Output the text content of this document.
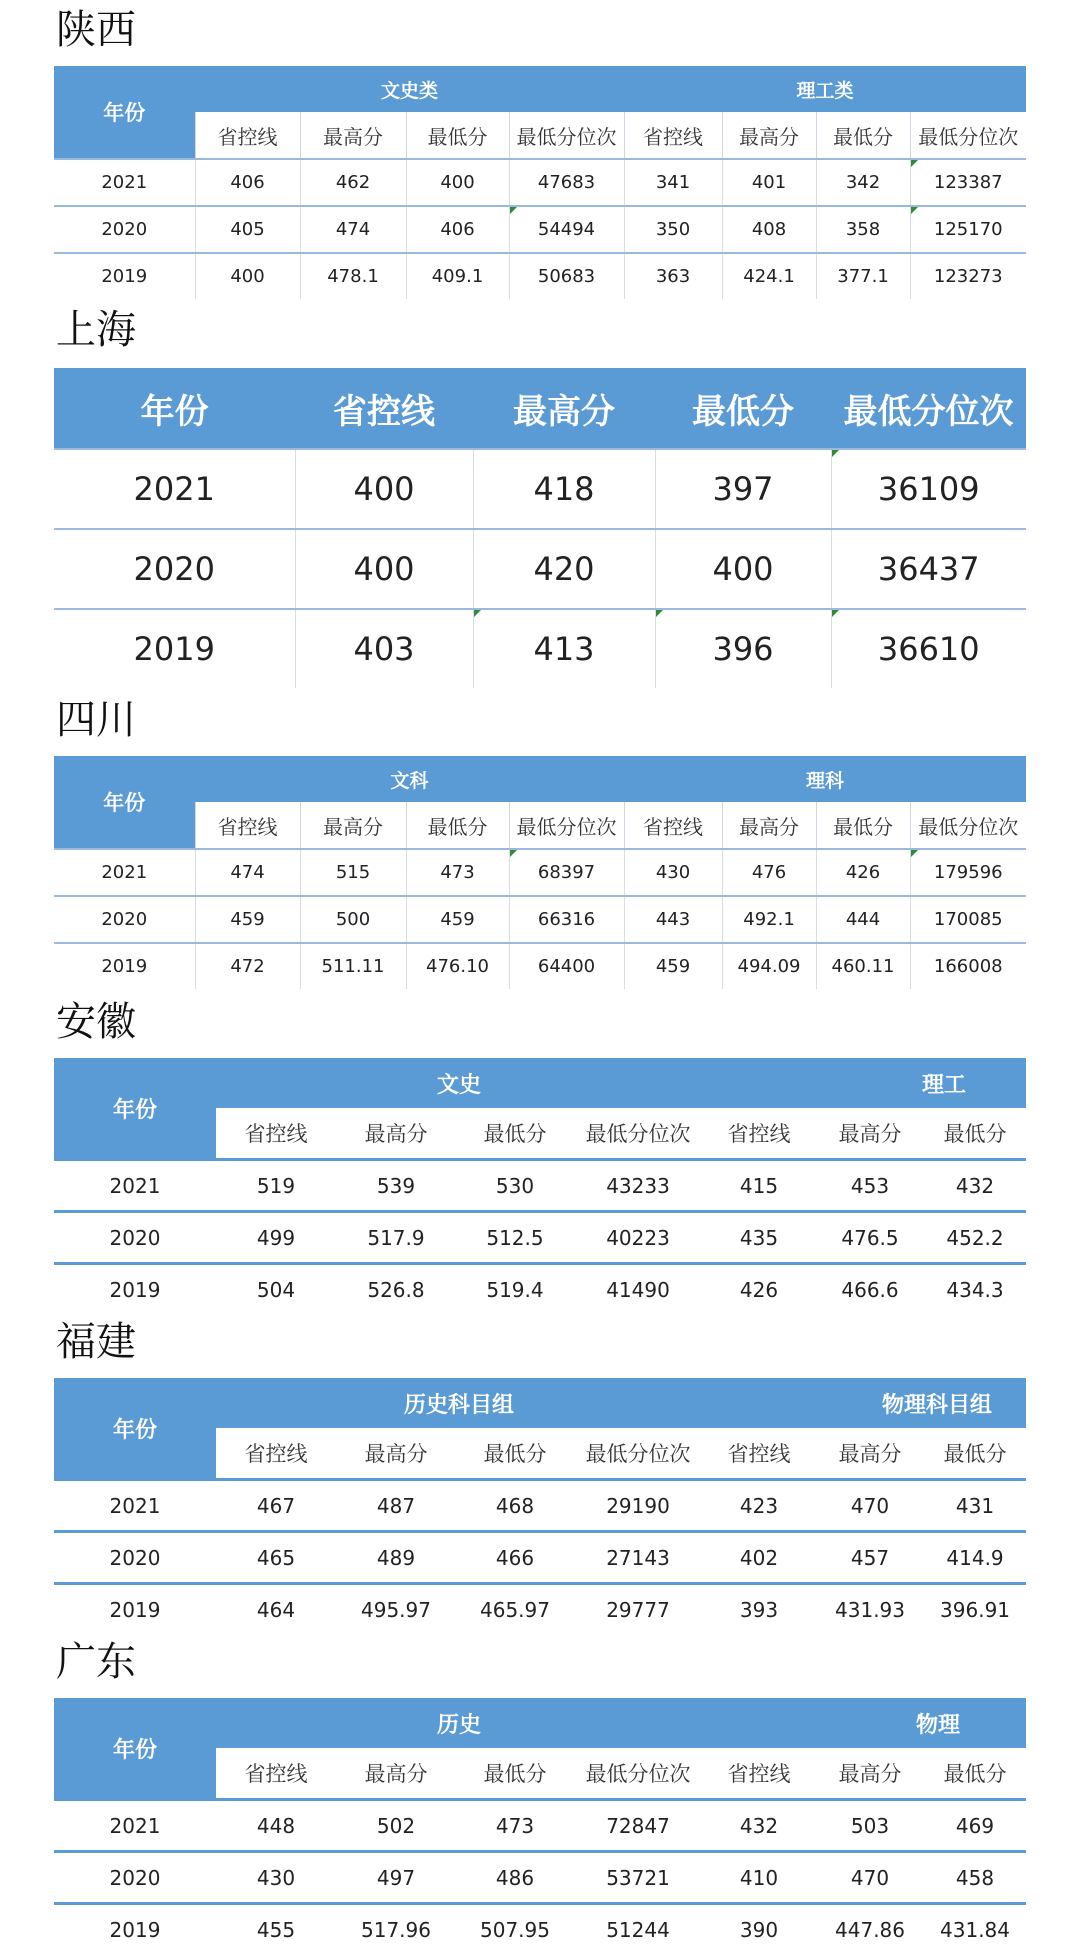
陕西
年份	文史类				理工类			
	省控线	最高分	最低分	最低分位次	省控线	最高分	最低分	最低分位次
2021	406	462	400	47683	341	401	342	123387
2020	405	474	406	54494	350	408	358	125170
2019	400	478.1	409.1	50683	363	424.1	377.1	123273
上海
年份	省控线	最高分	最低分	最低分位次
2021	400	418	397	36109
2020	400	420	400	36437
2019	403	413	396	36610
四川
年份	文科				理科			
	省控线	最高分	最低分	最低分位次	省控线	最高分	最低分	最低分位次
2021	474	515	473	68397	430	476	426	179596
2020	459	500	459	66316	443	492.1	444	170085
2019	472	511.11	476.10	64400	459	494.09	460.11	166008
安徽
年份	文史				理工		
	省控线	最高分	最低分	最低分位次	省控线	最高分	最低分
2021	519	539	530	43233	415	453	432
2020	499	517.9	512.5	40223	435	476.5	452.2
2019	504	526.8	519.4	41490	426	466.6	434.3
福建
年份	历史科目组				物理科目组		
	省控线	最高分	最低分	最低分位次	省控线	最高分	最低分
2021	467	487	468	29190	423	470	431
2020	465	489	466	27143	402	457	414.9
2019	464	495.97	465.97	29777	393	431.93	396.91
广东
年份	历史				物理		
	省控线	最高分	最低分	最低分位次	省控线	最高分	最低分
2021	448	502	473	72847	432	503	469
2020	430	497	486	53721	410	470	458
2019	455	517.96	507.95	51244	390	447.86	431.84
